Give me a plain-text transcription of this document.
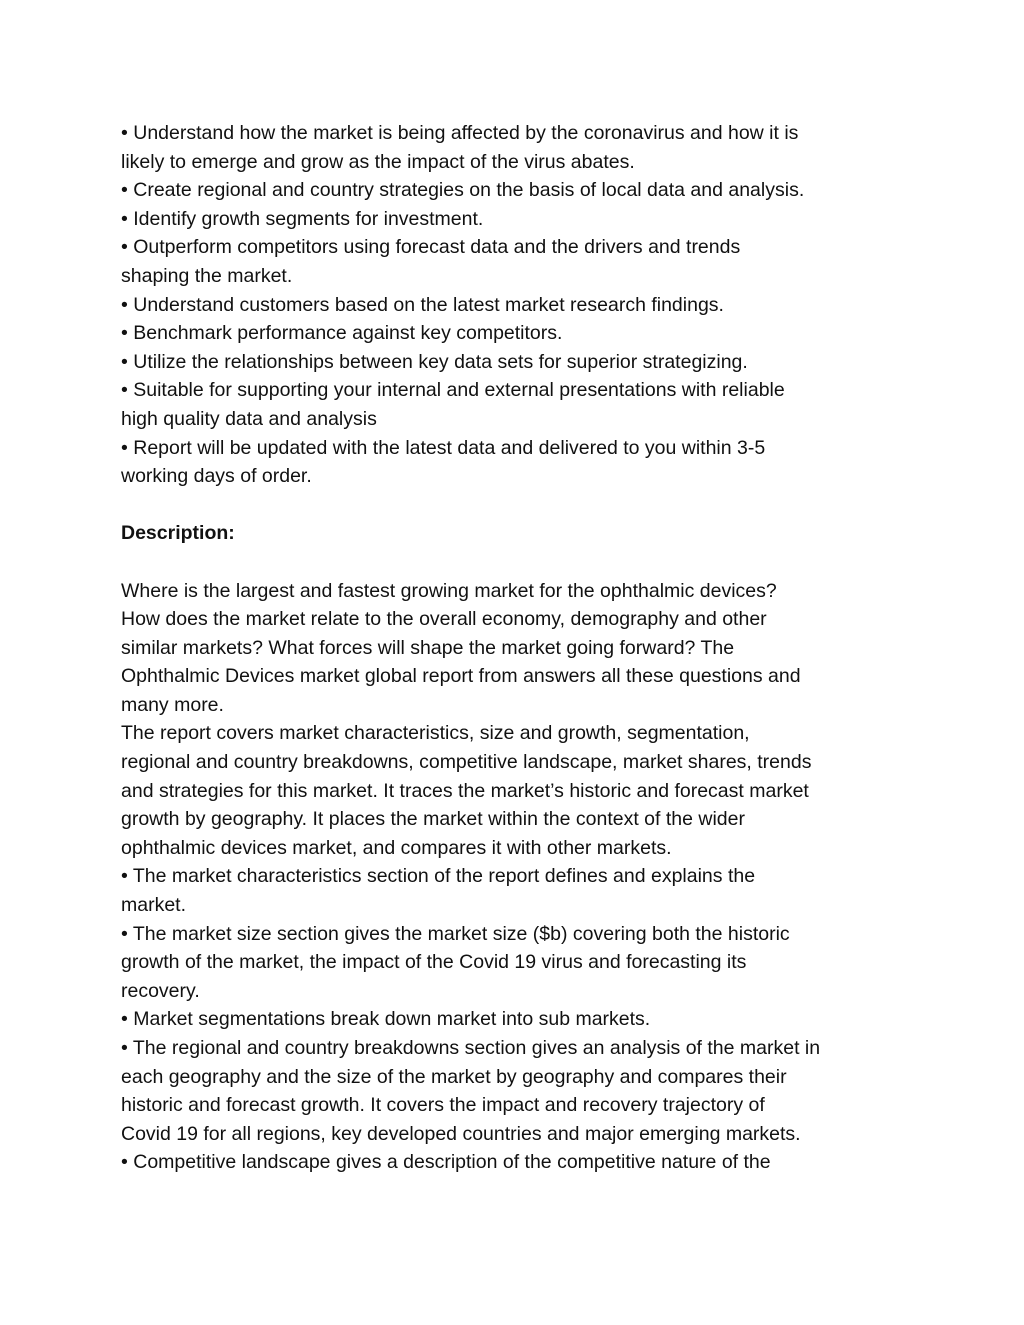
• Understand how the market is being affected by the coronavirus and how it is
likely to emerge and grow as the impact of the virus abates.
• Create regional and country strategies on the basis of local data and analysis.
• Identify growth segments for investment.
• Outperform competitors using forecast data and the drivers and trends
shaping the market.
• Understand customers based on the latest market research findings.
• Benchmark performance against key competitors.
• Utilize the relationships between key data sets for superior strategizing.
• Suitable for supporting your internal and external presentations with reliable
high quality data and analysis
• Report will be updated with the latest data and delivered to you within 3-5
working days of order.
Description:
Where is the largest and fastest growing market for the ophthalmic devices?
How does the market relate to the overall economy, demography and other
similar markets? What forces will shape the market going forward? The
Ophthalmic Devices market global report from answers all these questions and
many more.
The report covers market characteristics, size and growth, segmentation,
regional and country breakdowns, competitive landscape, market shares, trends
and strategies for this market. It traces the market’s historic and forecast market
growth by geography. It places the market within the context of the wider
ophthalmic devices market, and compares it with other markets.
• The market characteristics section of the report defines and explains the
market.
• The market size section gives the market size ($b) covering both the historic
growth of the market, the impact of the Covid 19 virus and forecasting its
recovery.
• Market segmentations break down market into sub markets.
• The regional and country breakdowns section gives an analysis of the market in
each geography and the size of the market by geography and compares their
historic and forecast growth. It covers the impact and recovery trajectory of
Covid 19 for all regions, key developed countries and major emerging markets.
• Competitive landscape gives a description of the competitive nature of the
